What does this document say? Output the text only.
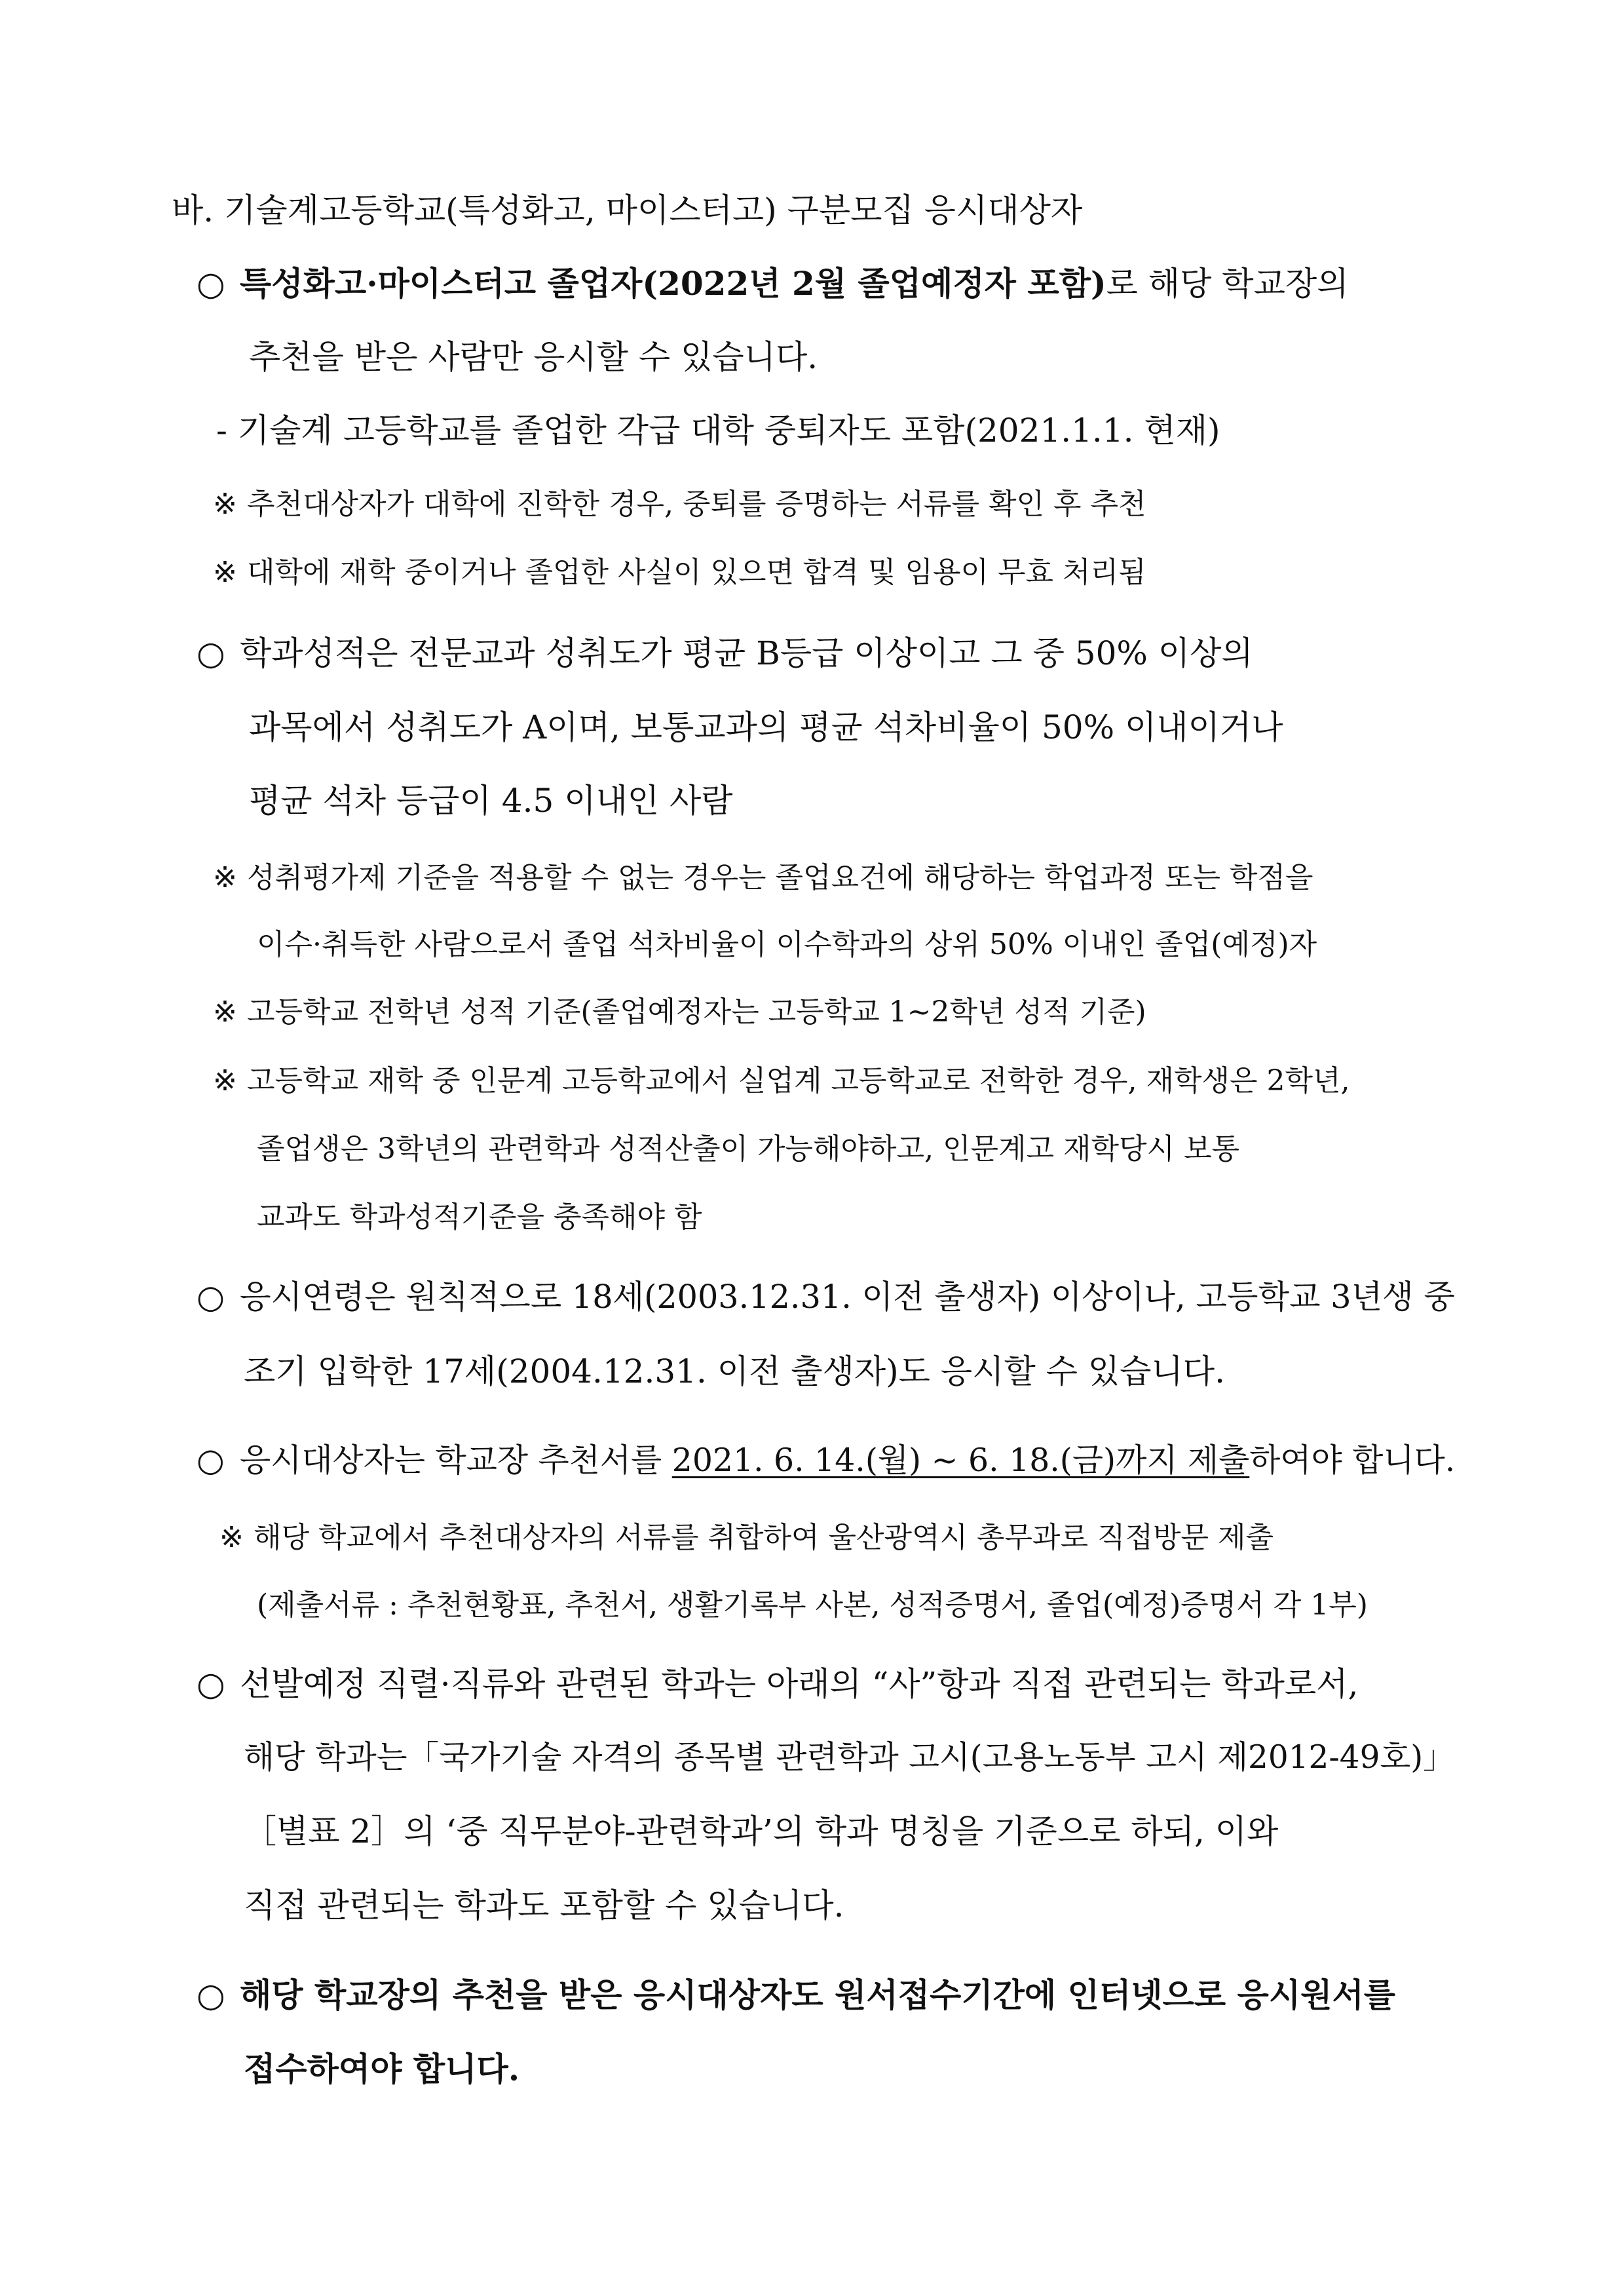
바. 기술계고등학교(특성화고, 마이스터고) 구분모집 응시대상자
○ 특성화고·마이스터고 졸업자(2022년 2월 졸업예정자 포함)로 해당 학교장의
추천을 받은 사람만 응시할 수 있습니다.
- 기술계 고등학교를 졸업한 각급 대학 중퇴자도 포함(2021.1.1. 현재)
※ 추천대상자가 대학에 진학한 경우, 중퇴를 증명하는 서류를 확인 후 추천
※ 대학에 재학 중이거나 졸업한 사실이 있으면 합격 및 임용이 무효 처리됨
○ 학과성적은 전문교과 성취도가 평균 B등급 이상이고 그 중 50% 이상의
과목에서 성취도가 A이며, 보통교과의 평균 석차비율이 50% 이내이거나
평균 석차 등급이 4.5 이내인 사람
※ 성취평가제 기준을 적용할 수 없는 경우는 졸업요건에 해당하는 학업과정 또는 학점을
이수·취득한 사람으로서 졸업 석차비율이 이수학과의 상위 50% 이내인 졸업(예정)자
※ 고등학교 전학년 성적 기준(졸업예정자는 고등학교 1~2학년 성적 기준)
※ 고등학교 재학 중 인문계 고등학교에서 실업계 고등학교로 전학한 경우, 재학생은 2학년,
졸업생은 3학년의 관련학과 성적산출이 가능해야하고, 인문계고 재학당시 보통
교과도 학과성적기준을 충족해야 함
○ 응시연령은 원칙적으로 18세(2003.12.31. 이전 출생자) 이상이나, 고등학교 3년생 중
조기 입학한 17세(2004.12.31. 이전 출생자)도 응시할 수 있습니다.
○ 응시대상자는 학교장 추천서를 2021. 6. 14.(월) ~ 6. 18.(금)까지 제출하여야 합니다.
※ 해당 학교에서 추천대상자의 서류를 취합하여 울산광역시 총무과로 직접방문 제출
(제출서류 : 추천현황표, 추천서, 생활기록부 사본, 성적증명서, 졸업(예정)증명서 각 1부)
○ 선발예정 직렬·직류와 관련된 학과는 아래의 “사”항과 직접 관련되는 학과로서,
해당 학과는「국가기술 자격의 종목별 관련학과 고시(고용노동부 고시 제2012-49호)」
［별표 2］의 ‘중 직무분야-관련학과’의 학과 명칭을 기준으로 하되, 이와
직접 관련되는 학과도 포함할 수 있습니다.
○ 해당 학교장의 추천을 받은 응시대상자도 원서접수기간에 인터넷으로 응시원서를
접수하여야 합니다.
